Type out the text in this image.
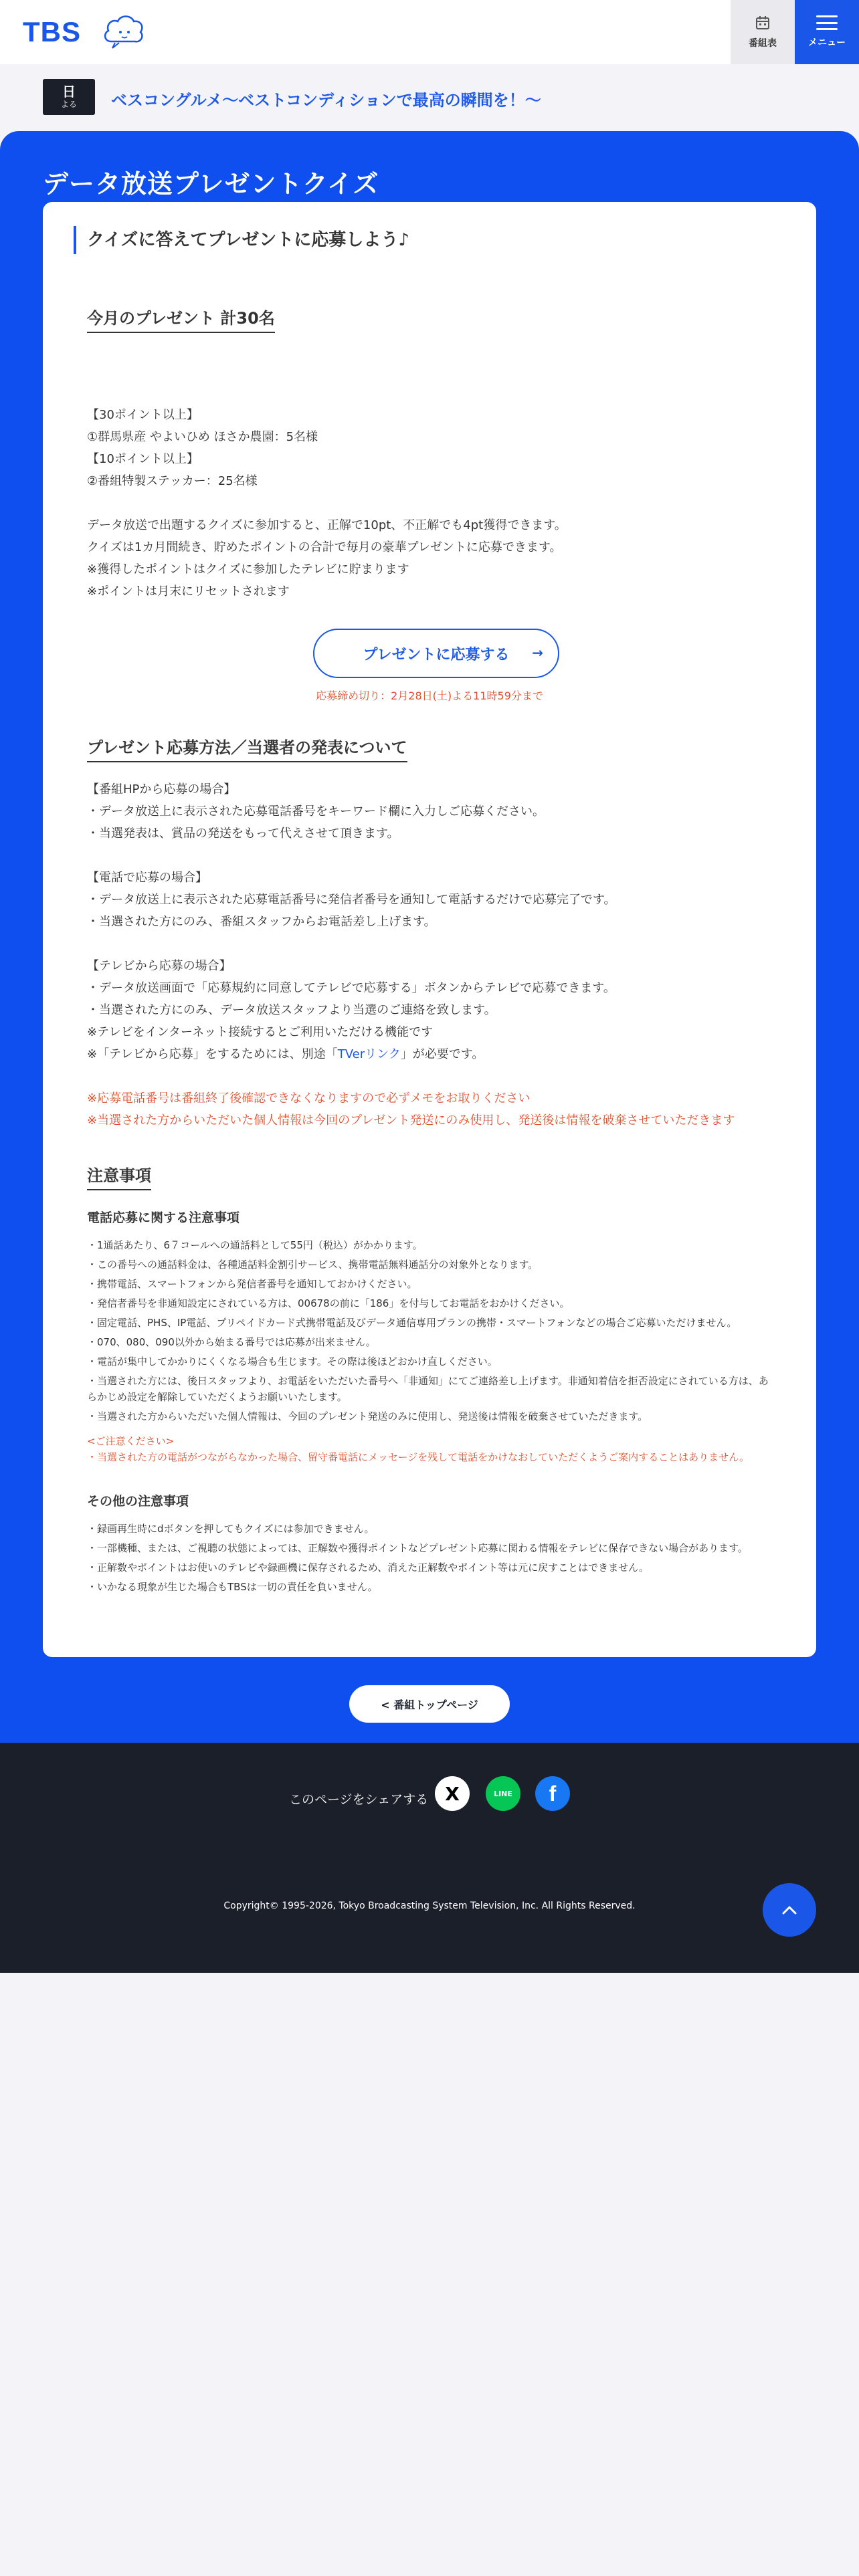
TBS	番組表	メニュー
日
よる	ベスコングルメ〜ベストコンディションで最高の瞬間を！〜
データ放送プレゼントクイズ
クイズに答えてプレゼントに応募しよう♪
今月のプレゼント 計30名
【30ポイント以上】
①群馬県産 やよいひめ ほさか農園：5名様
【10ポイント以上】
②番組特製ステッカー：25名様
データ放送で出題するクイズに参加すると、正解で10pt、不正解でも4pt獲得できます。
クイズは1カ月間続き、貯めたポイントの合計で毎月の豪華プレゼントに応募できます。
※獲得したポイントはクイズに参加したテレビに貯まります
※ポイントは月末にリセットされます
プレゼントに応募する →
応募締め切り：2月28日(土)よる11時59分まで
プレゼント応募方法／当選者の発表について
【番組HPから応募の場合】
・データ放送上に表示された応募電話番号をキーワード欄に入力しご応募ください。
・当選発表は、賞品の発送をもって代えさせて頂きます。
【電話で応募の場合】
・データ放送上に表示された応募電話番号に発信者番号を通知して電話するだけで応募完了です。
・当選された方にのみ、番組スタッフからお電話差し上げます。
【テレビから応募の場合】
・データ放送画面で「応募規約に同意してテレビで応募する」ボタンからテレビで応募できます。
・当選された方にのみ、データ放送スタッフより当選のご連絡を致します。
※テレビをインターネット接続するとご利用いただける機能です
※「テレビから応募」をするためには、別途「TVerリンク」が必要です。
※応募電話番号は番組終了後確認できなくなりますので必ずメモをお取りください
※当選された方からいただいた個人情報は今回のプレゼント発送にのみ使用し、発送後は情報を破棄させていただきます
注意事項
電話応募に関する注意事項
・1通話あたり、6７コールへの通話料として55円（税込）がかかります。
・この番号への通話料金は、各種通話料金割引サービス、携帯電話無料通話分の対象外となります。
・携帯電話、スマートフォンから発信者番号を通知しておかけください。
・発信者番号を非通知設定にされている方は、00678の前に「186」を付与してお電話をおかけください。
・固定電話、PHS、IP電話、プリペイドカード式携帯電話及びデータ通信専用プランの携帯・スマートフォンなどの場合ご応募いただけません。
・070、080、090以外から始まる番号では応募が出来ません。
・電話が集中してかかりにくくなる場合も生じます。その際は後ほどおかけ直しください。
・当選された方には、後日スタッフより、お電話をいただいた番号へ「非通知」にてご連絡差し上げます。非通知着信を拒否設定にされている方は、あらかじめ設定を解除していただくようお願いいたします。
・当選された方からいただいた個人情報は、今回のプレゼント発送のみに使用し、発送後は情報を破棄させていただきます。
<ご注意ください>
・当選された方の電話がつながらなかった場合、留守番電話にメッセージを残して電話をかけなおしていただくようご案内することはありません。
その他の注意事項
・録画再生時にdボタンを押してもクイズには参加できません。
・一部機種、または、ご視聴の状態によっては、正解数や獲得ポイントなどプレゼント応募に関わる情報をテレビに保存できない場合があります。
・正解数やポイントはお使いのテレビや録画機に保存されるため、消えた正解数やポイント等は元に戻すことはできません。
・いかなる現象が生じた場合もTBSは一切の責任を負いません。
< 番組トップページ
このページをシェアする X	LINE	f
Copyright© 1995-2026, Tokyo Broadcasting System Television, Inc. All Rights Reserved.
